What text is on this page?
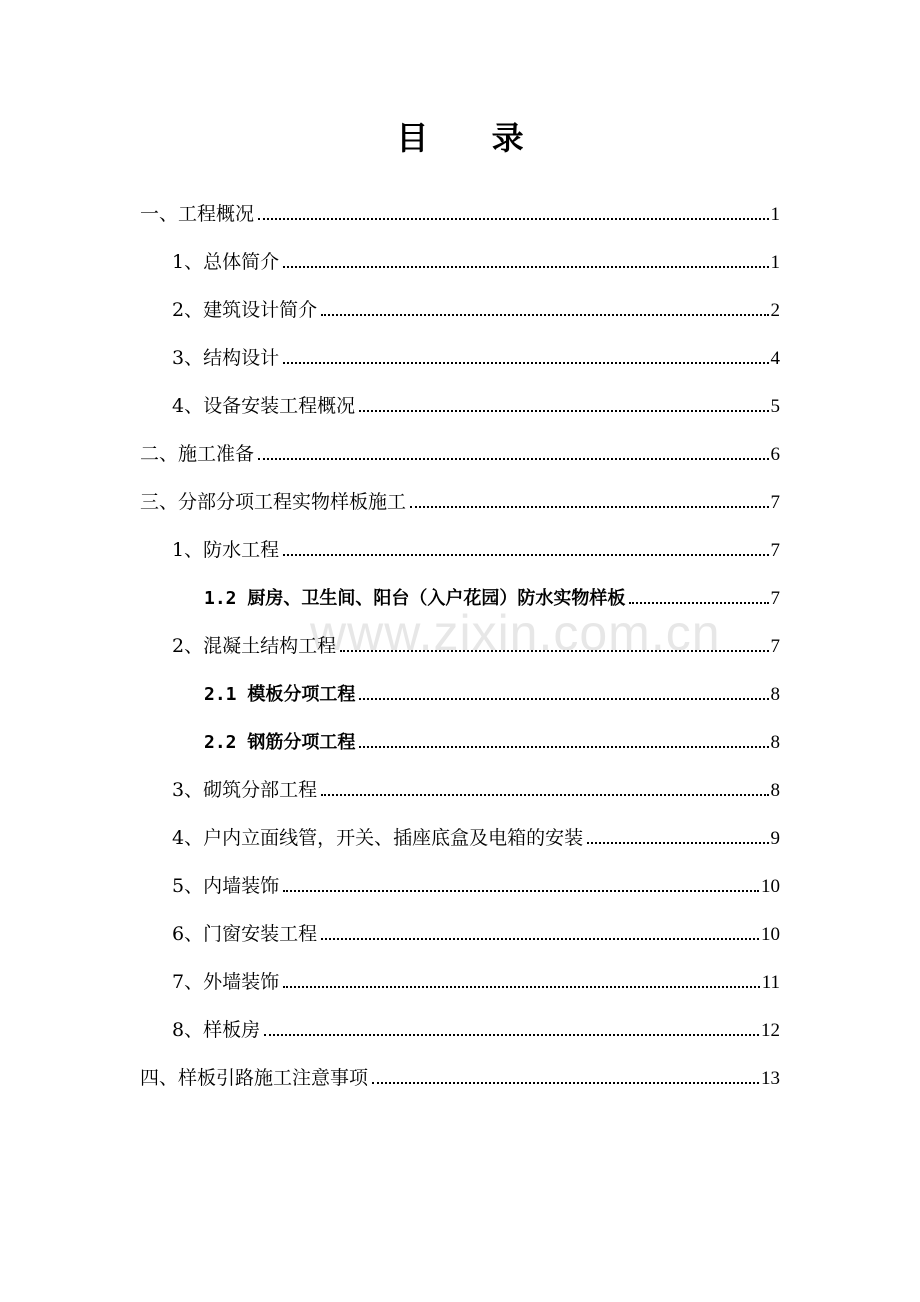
目 录
www.zixin.com.cn
一、工程概况	1
1、总体简介	1
2、建筑设计简介	2
3、结构设计	4
4、设备安装工程概况	5
二、施工准备	6
三、分部分项工程实物样板施工	7
1、防水工程	7
1.2 厨房、卫生间、阳台（入户花园）防水实物样板	7
2、混凝土结构工程	7
2.1 模板分项工程	8
2.2 钢筋分项工程	8
3、砌筑分部工程	8
4、户内立面线管，开关、插座底盒及电箱的安装	9
5、内墙装饰	10
6、门窗安装工程	10
7、外墙装饰	11
8、样板房	12
四、样板引路施工注意事项	13
